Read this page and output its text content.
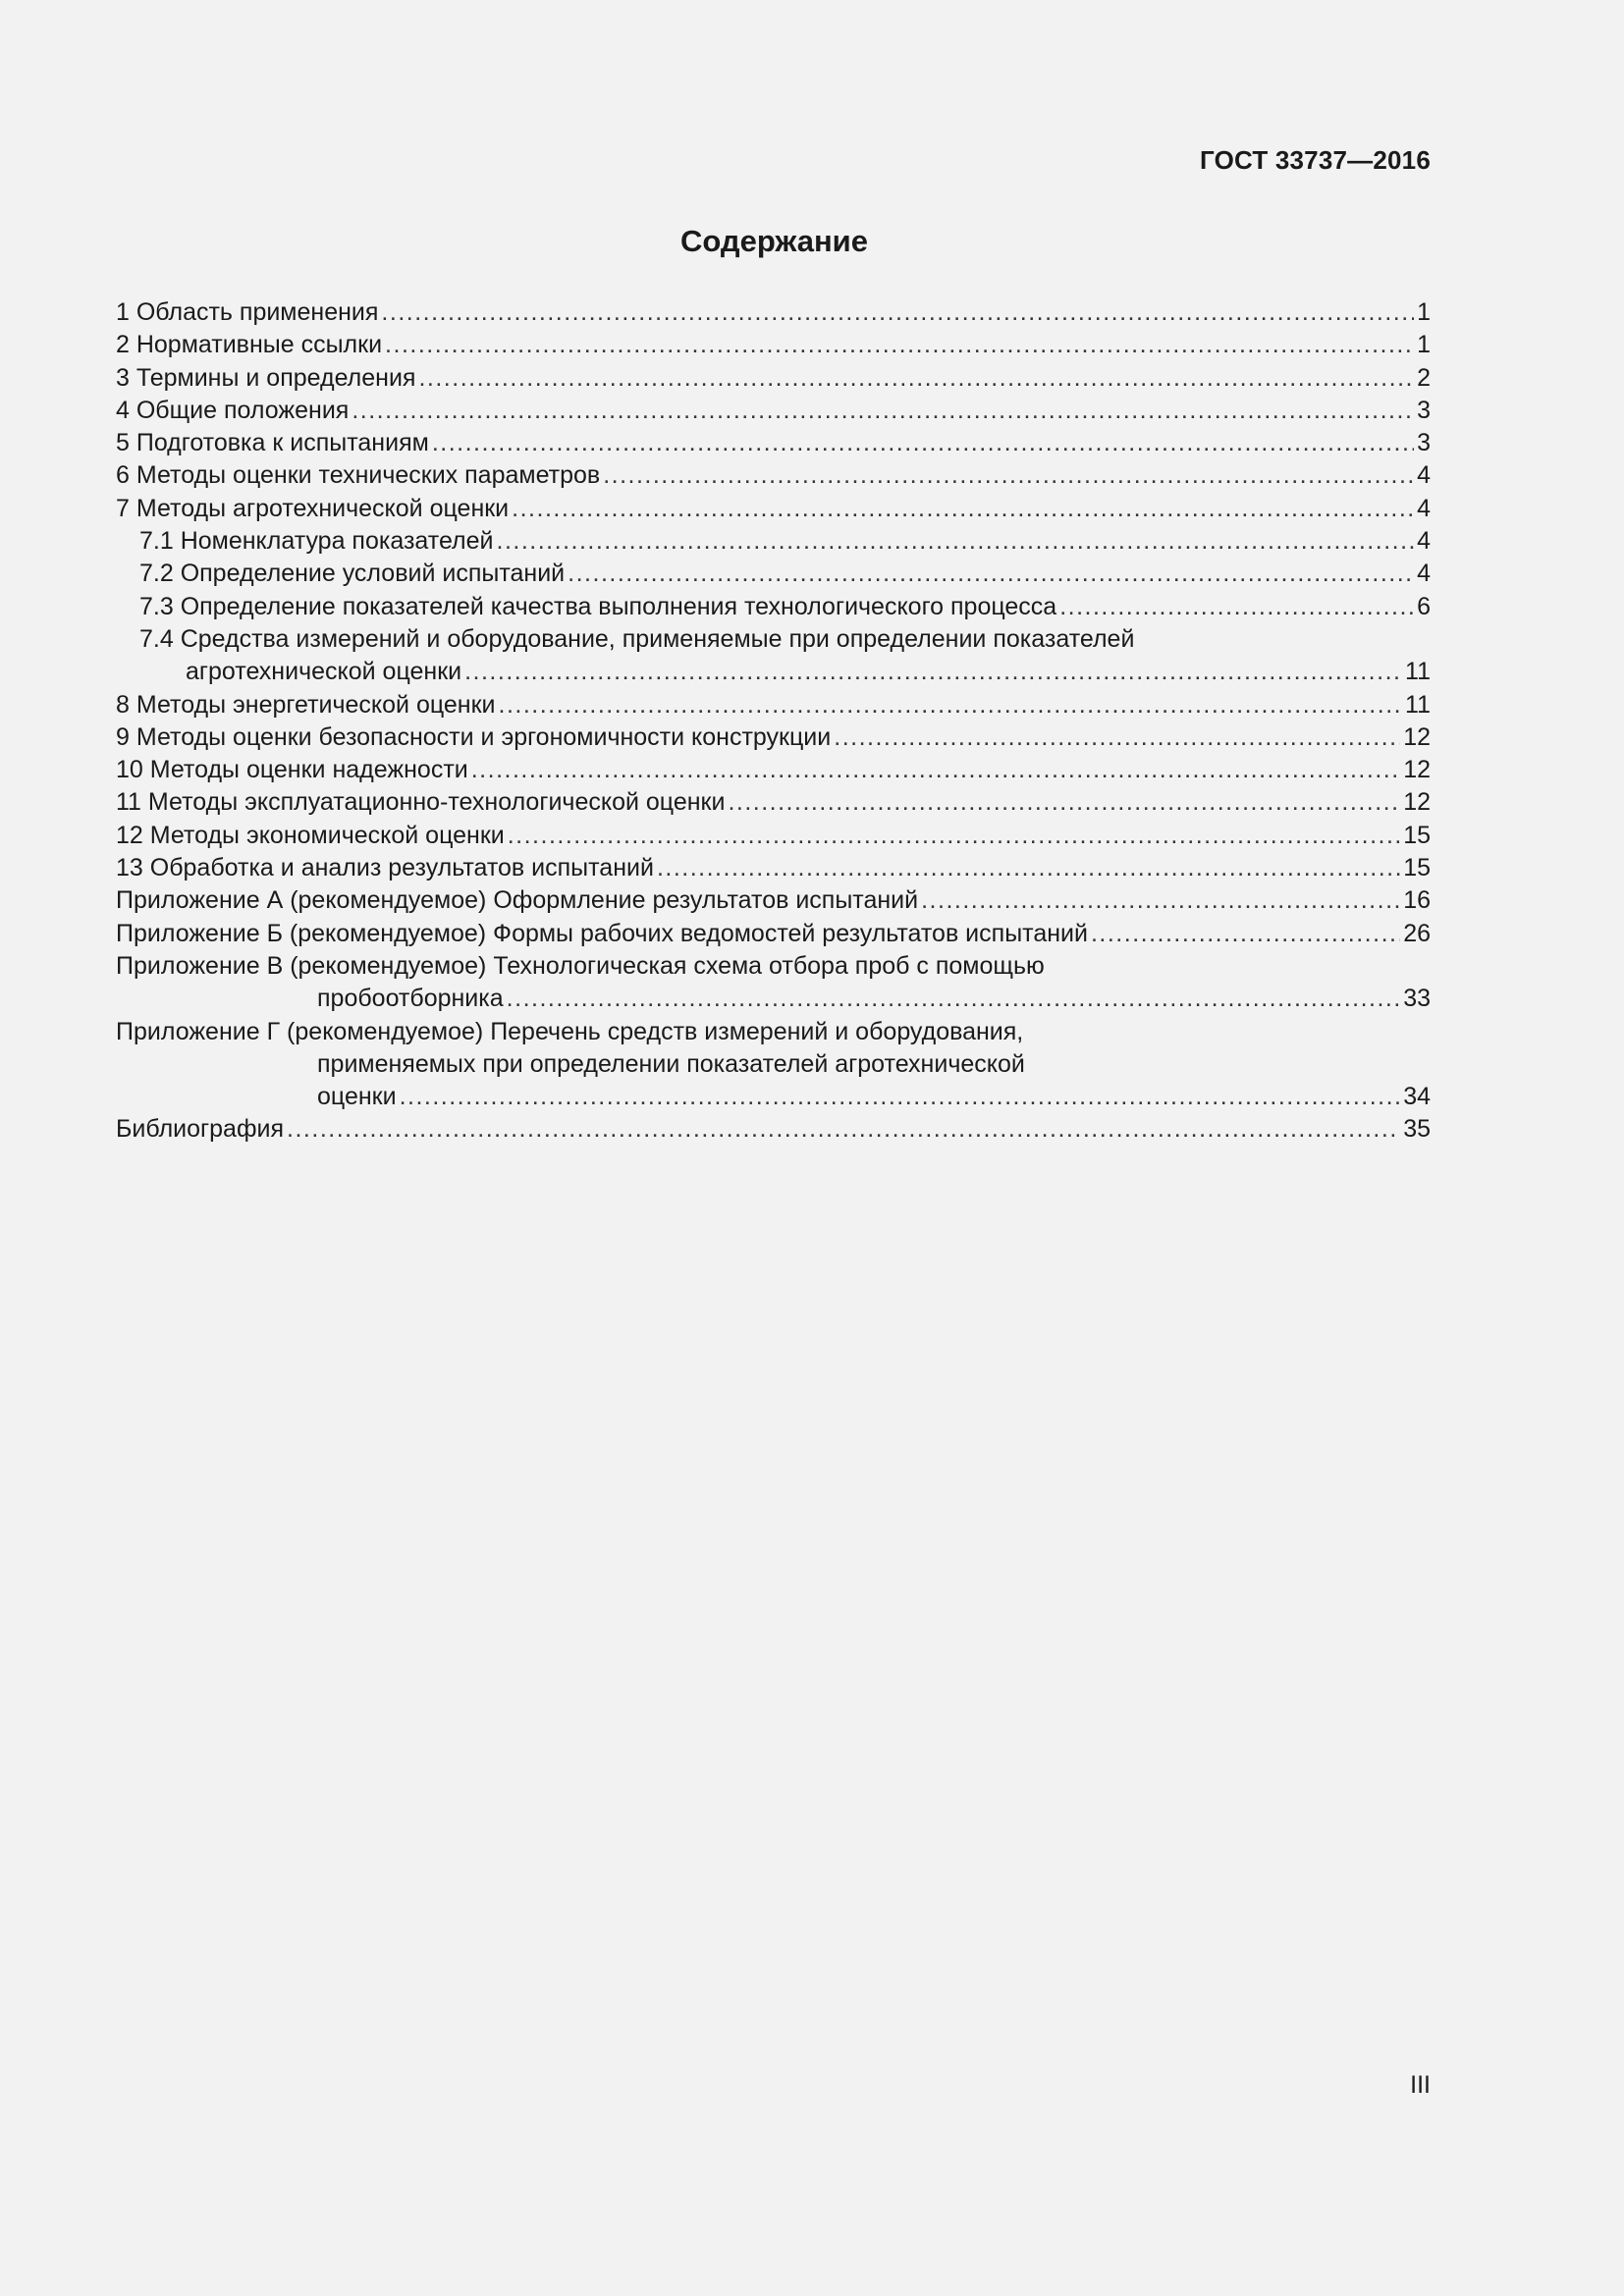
ГОСТ 33737—2016
Содержание
1 Область применения .....	1
2 Нормативные ссылки .....	1
3 Термины и определения .....	2
4 Общие положения .....	3
5 Подготовка к испытаниям .....	3
6 Методы оценки технических параметров .....	4
7 Методы агротехнической оценки .....	4
7.1 Номенклатура показателей .....	4
7.2 Определение условий испытаний .....	4
7.3 Определение показателей качества выполнения технологического процесса .....	6
7.4 Средства измерений и оборудование, применяемые при определении показателей
агротехнической оценки .....	11
8 Методы энергетической оценки .....	11
9 Методы оценки безопасности и эргономичности конструкции .....	12
10 Методы оценки надежности .....	12
11 Методы эксплуатационно-технологической оценки .....	12
12 Методы экономической оценки .....	15
13 Обработка и анализ результатов испытаний .....	15
Приложение А (рекомендуемое) Оформление результатов испытаний .....	16
Приложение Б (рекомендуемое) Формы рабочих ведомостей результатов испытаний .....	26
Приложение В (рекомендуемое) Технологическая схема отбора проб с помощью
пробоотборника .....	33
Приложение Г (рекомендуемое) Перечень средств измерений и оборудования,
применяемых при определении показателей агротехнической
оценки .....	34
Библиография .....	35
III
